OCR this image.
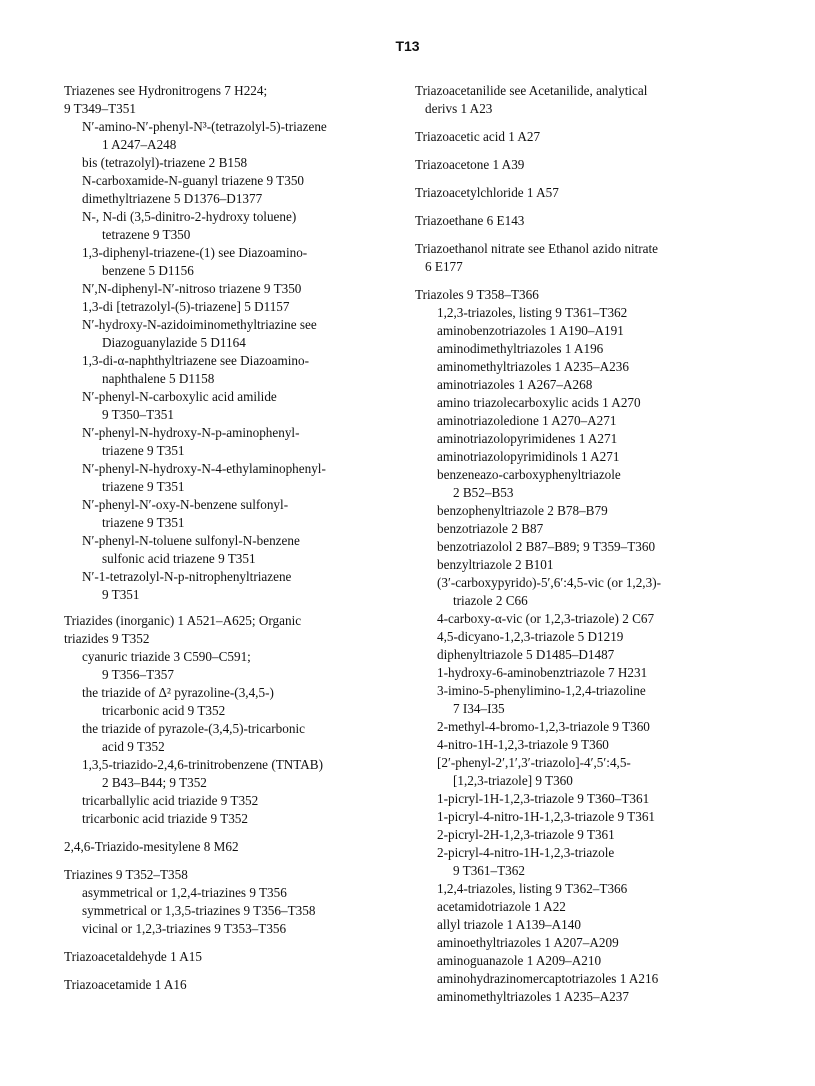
T13
Triazenes see Hydronitrogens 7 H224;
9 T349–T351
N′-amino-N′-phenyl-N³-(tetrazolyl-5)-triazene
1 A247–A248
bis (tetrazolyl)-triazene 2 B158
N-carboxamide-N-guanyl triazene 9 T350
dimethyltriazene 5 D1376–D1377
N-, N-di (3,5-dinitro-2-hydroxy toluene)
tetrazene 9 T350
1,3-diphenyl-triazene-(1) see Diazoamino-
benzene 5 D1156
N′,N-diphenyl-N′-nitroso triazene 9 T350
1,3-di [tetrazolyl-(5)-triazene] 5 D1157
N′-hydroxy-N-azidoiminomethyltriazine see
Diazoguanylazide 5 D1164
1,3-di-α-naphthyltriazene see Diazoamino-
naphthalene 5 D1158
N′-phenyl-N-carboxylic acid amilide
9 T350–T351
N′-phenyl-N-hydroxy-N-p-aminophenyl-
triazene 9 T351
N′-phenyl-N-hydroxy-N-4-ethylaminophenyl-
triazene 9 T351
N′-phenyl-N′-oxy-N-benzene sulfonyl-
triazene 9 T351
N′-phenyl-N-toluene sulfonyl-N-benzene
sulfonic acid triazene 9 T351
N′-1-tetrazolyl-N-p-nitrophenyltriazene
9 T351
Triazides (inorganic) 1 A521–A625; Organic
triazides 9 T352
cyanuric triazide 3 C590–C591;
9 T356–T357
the triazide of Δ² pyrazoline-(3,4,5-)
tricarbonic acid 9 T352
the triazide of pyrazole-(3,4,5)-tricarbonic
acid 9 T352
1,3,5-triazido-2,4,6-trinitrobenzene (TNTAB)
2 B43–B44; 9 T352
tricarballylic acid triazide 9 T352
tricarbonic acid triazide 9 T352
2,4,6-Triazido-mesitylene 8 M62
Triazines 9 T352–T358
asymmetrical or 1,2,4-triazines 9 T356
symmetrical or 1,3,5-triazines 9 T356–T358
vicinal or 1,2,3-triazines 9 T353–T356
Triazoacetaldehyde 1 A15
Triazoacetamide 1 A16
Triazoacetanilide see Acetanilide, analytical
derivs 1 A23
Triazoacetic acid 1 A27
Triazoacetone 1 A39
Triazoacetylchloride 1 A57
Triazoethane 6 E143
Triazoethanol nitrate see Ethanol azido nitrate
6 E177
Triazoles 9 T358–T366
1,2,3-triazoles, listing 9 T361–T362
aminobenzotriazoles 1 A190–A191
aminodimethyltriazoles 1 A196
aminomethyltriazoles 1 A235–A236
aminotriazoles 1 A267–A268
amino triazolecarboxylic acids 1 A270
aminotriazoledione 1 A270–A271
aminotriazolopyrimidenes 1 A271
aminotriazolopyrimidinols 1 A271
benzeneazo-carboxyphenyltriazole
2 B52–B53
benzophenyltriazole 2 B78–B79
benzotriazole 2 B87
benzotriazolol 2 B87–B89; 9 T359–T360
benzyltriazole 2 B101
(3′-carboxypyrido)-5′,6′:4,5-vic (or 1,2,3)-
triazole 2 C66
4-carboxy-α-vic (or 1,2,3-triazole) 2 C67
4,5-dicyano-1,2,3-triazole 5 D1219
diphenyltriazole 5 D1485–D1487
1-hydroxy-6-aminobenztriazole 7 H231
3-imino-5-phenylimino-1,2,4-triazoline
7 I34–I35
2-methyl-4-bromo-1,2,3-triazole 9 T360
4-nitro-1H-1,2,3-triazole 9 T360
[2′-phenyl-2′,1′,3′-triazolo]-4′,5′:4,5-
[1,2,3-triazole] 9 T360
1-picryl-1H-1,2,3-triazole 9 T360–T361
1-picryl-4-nitro-1H-1,2,3-triazole 9 T361
2-picryl-2H-1,2,3-triazole 9 T361
2-picryl-4-nitro-1H-1,2,3-triazole
9 T361–T362
1,2,4-triazoles, listing 9 T362–T366
acetamidotriazole 1 A22
allyl triazole 1 A139–A140
aminoethyltriazoles 1 A207–A209
aminoguanazole 1 A209–A210
aminohydrazinomercaptotriazoles 1 A216
aminomethyltriazoles 1 A235–A237
